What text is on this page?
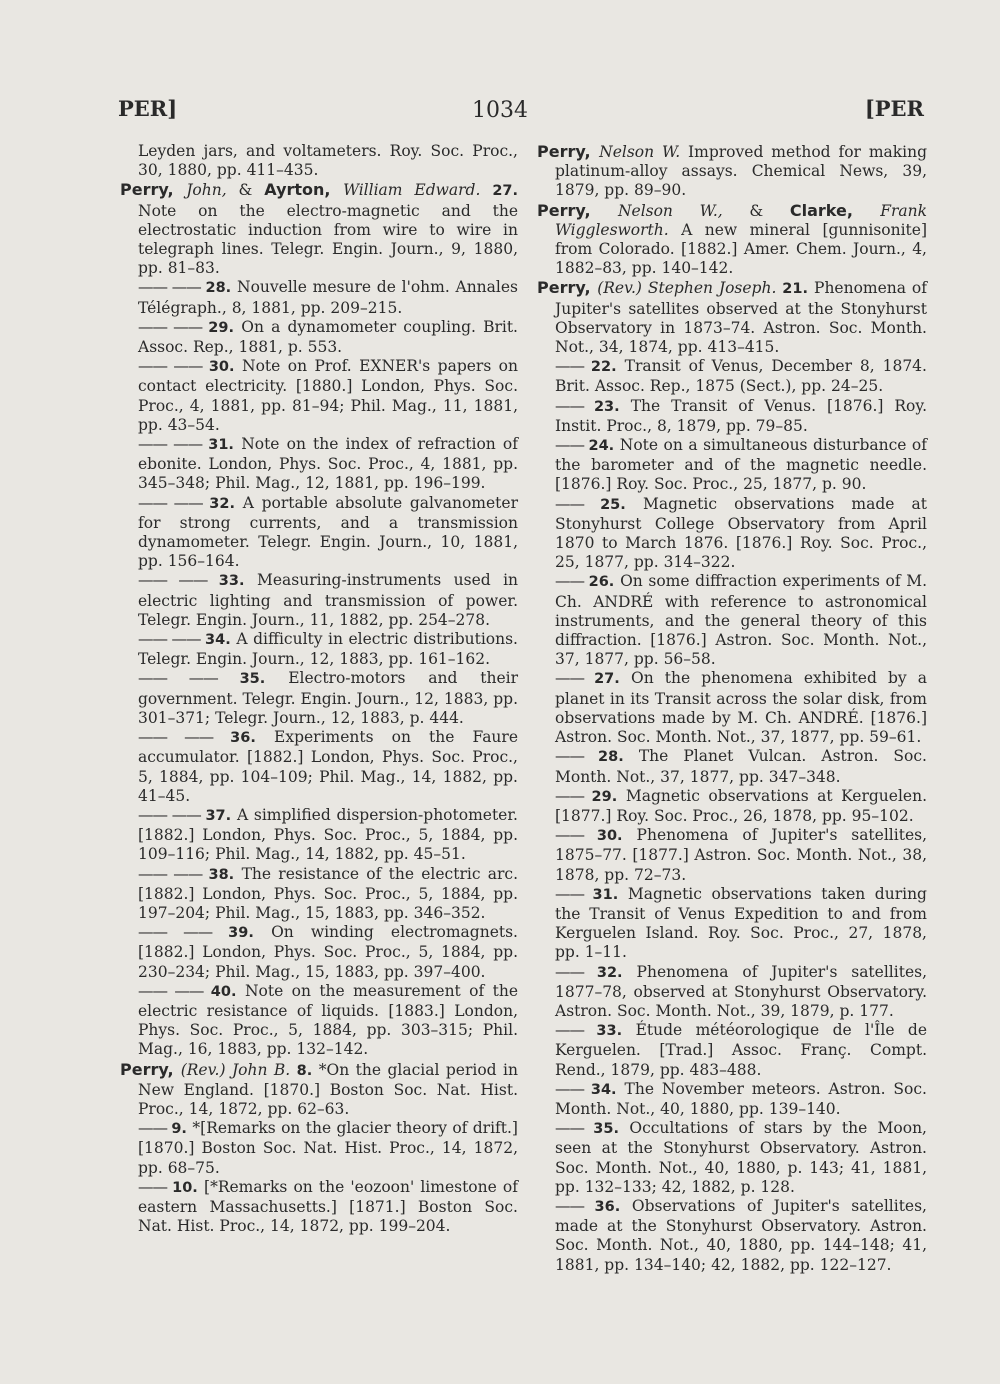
PER]	1034	[PER
Leyden jars, and voltameters. Roy. Soc. Proc., 30, 1880, pp. 411–435.
Perry, John, & Ayrton, William Edward. 27. Note on the electro-magnetic and the electrostatic induction from wire to wire in telegraph lines. Telegr. Engin. Journ., 9, 1880, pp. 81–83.
—— —— 28. Nouvelle mesure de l'ohm. Annales Télégraph., 8, 1881, pp. 209–215.
—— —— 29. On a dynamometer coupling. Brit. Assoc. Rep., 1881, p. 553.
—— —— 30. Note on Prof. EXNER's papers on contact electricity. [1880.] London, Phys. Soc. Proc., 4, 1881, pp. 81–94; Phil. Mag., 11, 1881, pp. 43–54.
—— —— 31. Note on the index of refraction of ebonite. London, Phys. Soc. Proc., 4, 1881, pp. 345–348; Phil. Mag., 12, 1881, pp. 196–199.
—— —— 32. A portable absolute galvanometer for strong currents, and a transmission dynamometer. Telegr. Engin. Journ., 10, 1881, pp. 156–164.
—— —— 33. Measuring-instruments used in electric lighting and transmission of power. Telegr. Engin. Journ., 11, 1882, pp. 254–278.
—— —— 34. A difficulty in electric distributions. Telegr. Engin. Journ., 12, 1883, pp. 161–162.
—— —— 35. Electro-motors and their government. Telegr. Engin. Journ., 12, 1883, pp. 301–371; Telegr. Journ., 12, 1883, p. 444.
—— —— 36. Experiments on the Faure accumulator. [1882.] London, Phys. Soc. Proc., 5, 1884, pp. 104–109; Phil. Mag., 14, 1882, pp. 41–45.
—— —— 37. A simplified dispersion-photometer. [1882.] London, Phys. Soc. Proc., 5, 1884, pp. 109–116; Phil. Mag., 14, 1882, pp. 45–51.
—— —— 38. The resistance of the electric arc. [1882.] London, Phys. Soc. Proc., 5, 1884, pp. 197–204; Phil. Mag., 15, 1883, pp. 346–352.
—— —— 39. On winding electromagnets. [1882.] London, Phys. Soc. Proc., 5, 1884, pp. 230–234; Phil. Mag., 15, 1883, pp. 397–400.
—— —— 40. Note on the measurement of the electric resistance of liquids. [1883.] London, Phys. Soc. Proc., 5, 1884, pp. 303–315; Phil. Mag., 16, 1883, pp. 132–142.
Perry, (Rev.) John B. 8. *On the glacial period in New England. [1870.] Boston Soc. Nat. Hist. Proc., 14, 1872, pp. 62–63.
—— 9. *[Remarks on the glacier theory of drift.] [1870.] Boston Soc. Nat. Hist. Proc., 14, 1872, pp. 68–75.
—— 10. [*Remarks on the 'eozoon' limestone of eastern Massachusetts.] [1871.] Boston Soc. Nat. Hist. Proc., 14, 1872, pp. 199–204.
Perry, Nelson W. Improved method for making platinum-alloy assays. Chemical News, 39, 1879, pp. 89–90.
Perry, Nelson W., & Clarke, Frank Wigglesworth. A new mineral [gunnisonite] from Colorado. [1882.] Amer. Chem. Journ., 4, 1882–83, pp. 140–142.
Perry, (Rev.) Stephen Joseph. 21. Phenomena of Jupiter's satellites observed at the Stonyhurst Observatory in 1873–74. Astron. Soc. Month. Not., 34, 1874, pp. 413–415.
—— 22. Transit of Venus, December 8, 1874. Brit. Assoc. Rep., 1875 (Sect.), pp. 24–25.
—— 23. The Transit of Venus. [1876.] Roy. Instit. Proc., 8, 1879, pp. 79–85.
—— 24. Note on a simultaneous disturbance of the barometer and of the magnetic needle. [1876.] Roy. Soc. Proc., 25, 1877, p. 90.
—— 25. Magnetic observations made at Stonyhurst College Observatory from April 1870 to March 1876. [1876.] Roy. Soc. Proc., 25, 1877, pp. 314–322.
—— 26. On some diffraction experiments of M. Ch. ANDRÉ with reference to astronomical instruments, and the general theory of this diffraction. [1876.] Astron. Soc. Month. Not., 37, 1877, pp. 56–58.
—— 27. On the phenomena exhibited by a planet in its Transit across the solar disk, from observations made by M. Ch. ANDRÉ. [1876.] Astron. Soc. Month. Not., 37, 1877, pp. 59–61.
—— 28. The Planet Vulcan. Astron. Soc. Month. Not., 37, 1877, pp. 347–348.
—— 29. Magnetic observations at Kerguelen. [1877.] Roy. Soc. Proc., 26, 1878, pp. 95–102.
—— 30. Phenomena of Jupiter's satellites, 1875–77. [1877.] Astron. Soc. Month. Not., 38, 1878, pp. 72–73.
—— 31. Magnetic observations taken during the Transit of Venus Expedition to and from Kerguelen Island. Roy. Soc. Proc., 27, 1878, pp. 1–11.
—— 32. Phenomena of Jupiter's satellites, 1877–78, observed at Stonyhurst Observatory. Astron. Soc. Month. Not., 39, 1879, p. 177.
—— 33. Étude météorologique de l'Île de Kerguelen. [Trad.] Assoc. Franç. Compt. Rend., 1879, pp. 483–488.
—— 34. The November meteors. Astron. Soc. Month. Not., 40, 1880, pp. 139–140.
—— 35. Occultations of stars by the Moon, seen at the Stonyhurst Observatory. Astron. Soc. Month. Not., 40, 1880, p. 143; 41, 1881, pp. 132–133; 42, 1882, p. 128.
—— 36. Observations of Jupiter's satellites, made at the Stonyhurst Observatory. Astron. Soc. Month. Not., 40, 1880, pp. 144–148; 41, 1881, pp. 134–140; 42, 1882, pp. 122–127.
